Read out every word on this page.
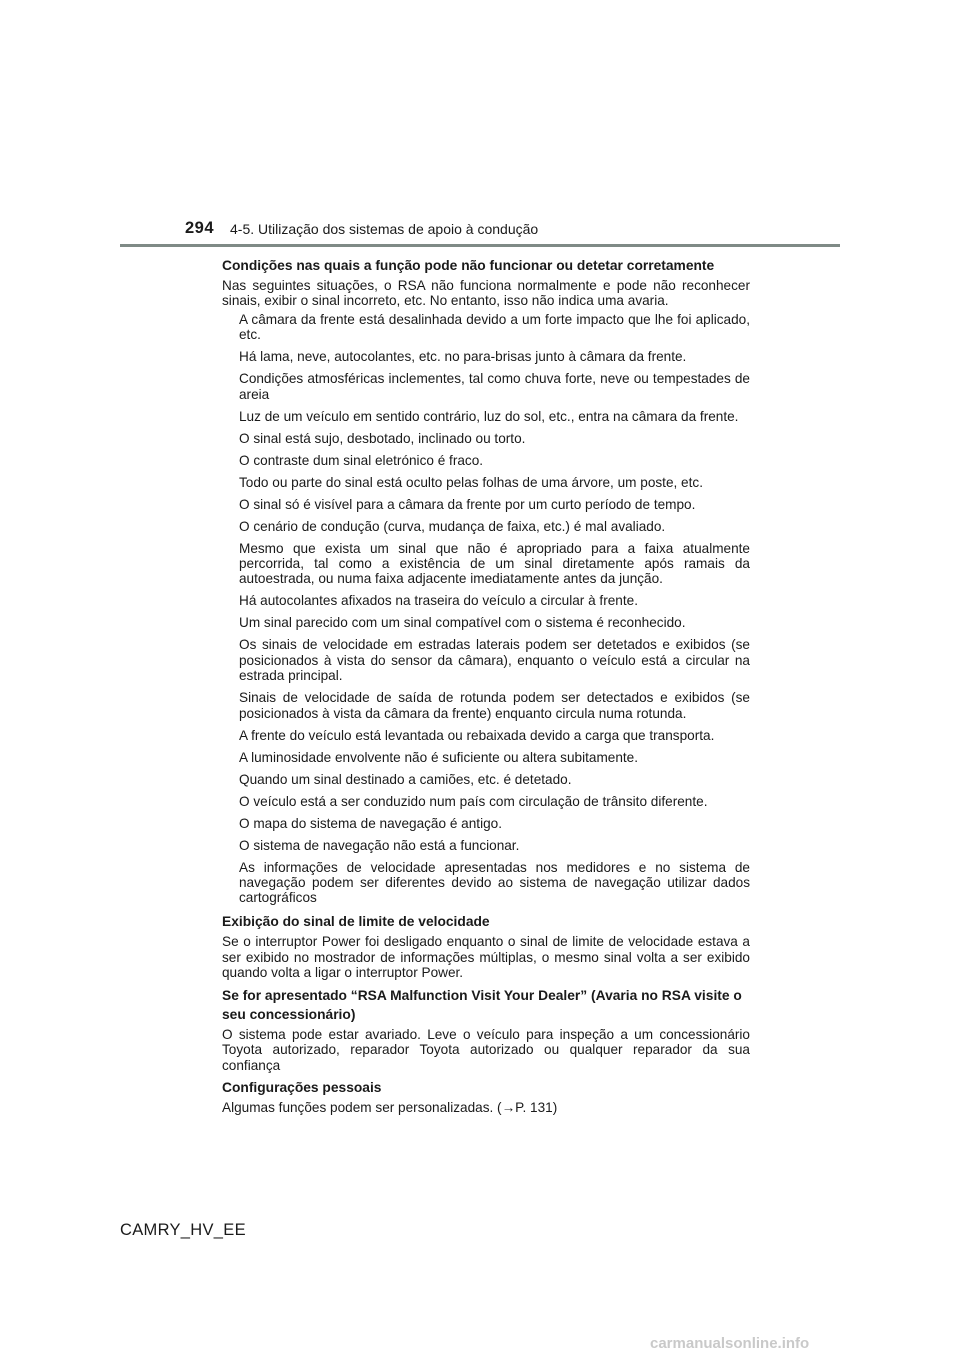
294 4-5. Utilização dos sistemas de apoio à condução
Condições nas quais a função pode não funcionar ou detetar corretamente
Nas seguintes situações, o RSA não funciona normalmente e pode não reconhecer sinais, exibir o sinal incorreto, etc. No entanto, isso não indica uma avaria.
A câmara da frente está desalinhada devido a um forte impacto que lhe foi aplicado, etc.
Há lama, neve, autocolantes, etc. no para-brisas junto à câmara da frente.
Condições atmosféricas inclementes, tal como chuva forte, neve ou tempestades de areia
Luz de um veículo em sentido contrário, luz do sol, etc., entra na câmara da frente.
O sinal está sujo, desbotado, inclinado ou torto.
O contraste dum sinal eletrónico é fraco.
Todo ou parte do sinal está oculto pelas folhas de uma árvore, um poste, etc.
O sinal só é visível para a câmara da frente por um curto período de tempo.
O cenário de condução (curva, mudança de faixa, etc.) é mal avaliado.
Mesmo que exista um sinal que não é apropriado para a faixa atualmente percorrida, tal como a existência de um sinal diretamente após ramais da autoestrada, ou numa faixa adjacente imediatamente antes da junção.
Há autocolantes afixados na traseira do veículo a circular à frente.
Um sinal parecido com um sinal compatível com o sistema é reconhecido.
Os sinais de velocidade em estradas laterais podem ser detetados e exibidos (se posicionados à vista do sensor da câmara), enquanto o veículo está a circular na estrada principal.
Sinais de velocidade de saída de rotunda podem ser detectados e exibidos (se posicionados à vista da câmara da frente) enquanto circula numa rotunda.
A frente do veículo está levantada ou rebaixada devido a carga que transporta.
A luminosidade envolvente não é suficiente ou altera subitamente.
Quando um sinal destinado a camiões, etc. é detetado.
O veículo está a ser conduzido num país com circulação de trânsito diferente.
O mapa do sistema de navegação é antigo.
O sistema de navegação não está a funcionar.
As informações de velocidade apresentadas nos medidores e no sistema de navegação podem ser diferentes devido ao sistema de navegação utilizar dados cartográficos
Exibição do sinal de limite de velocidade
Se o interruptor Power foi desligado enquanto o sinal de limite de velocidade estava a ser exibido no mostrador de informações múltiplas, o mesmo sinal volta a ser exibido quando volta a ligar o interruptor Power.
Se for apresentado “RSA Malfunction Visit Your Dealer” (Avaria no RSA visite o seu concessionário)
O sistema pode estar avariado. Leve o veículo para inspeção a um concessionário Toyota autorizado, reparador Toyota autorizado ou qualquer reparador da sua confiança
Configurações pessoais
Algumas funções podem ser personalizadas. (→P. 131)
CAMRY_HV_EE
carmanualsonline.info
